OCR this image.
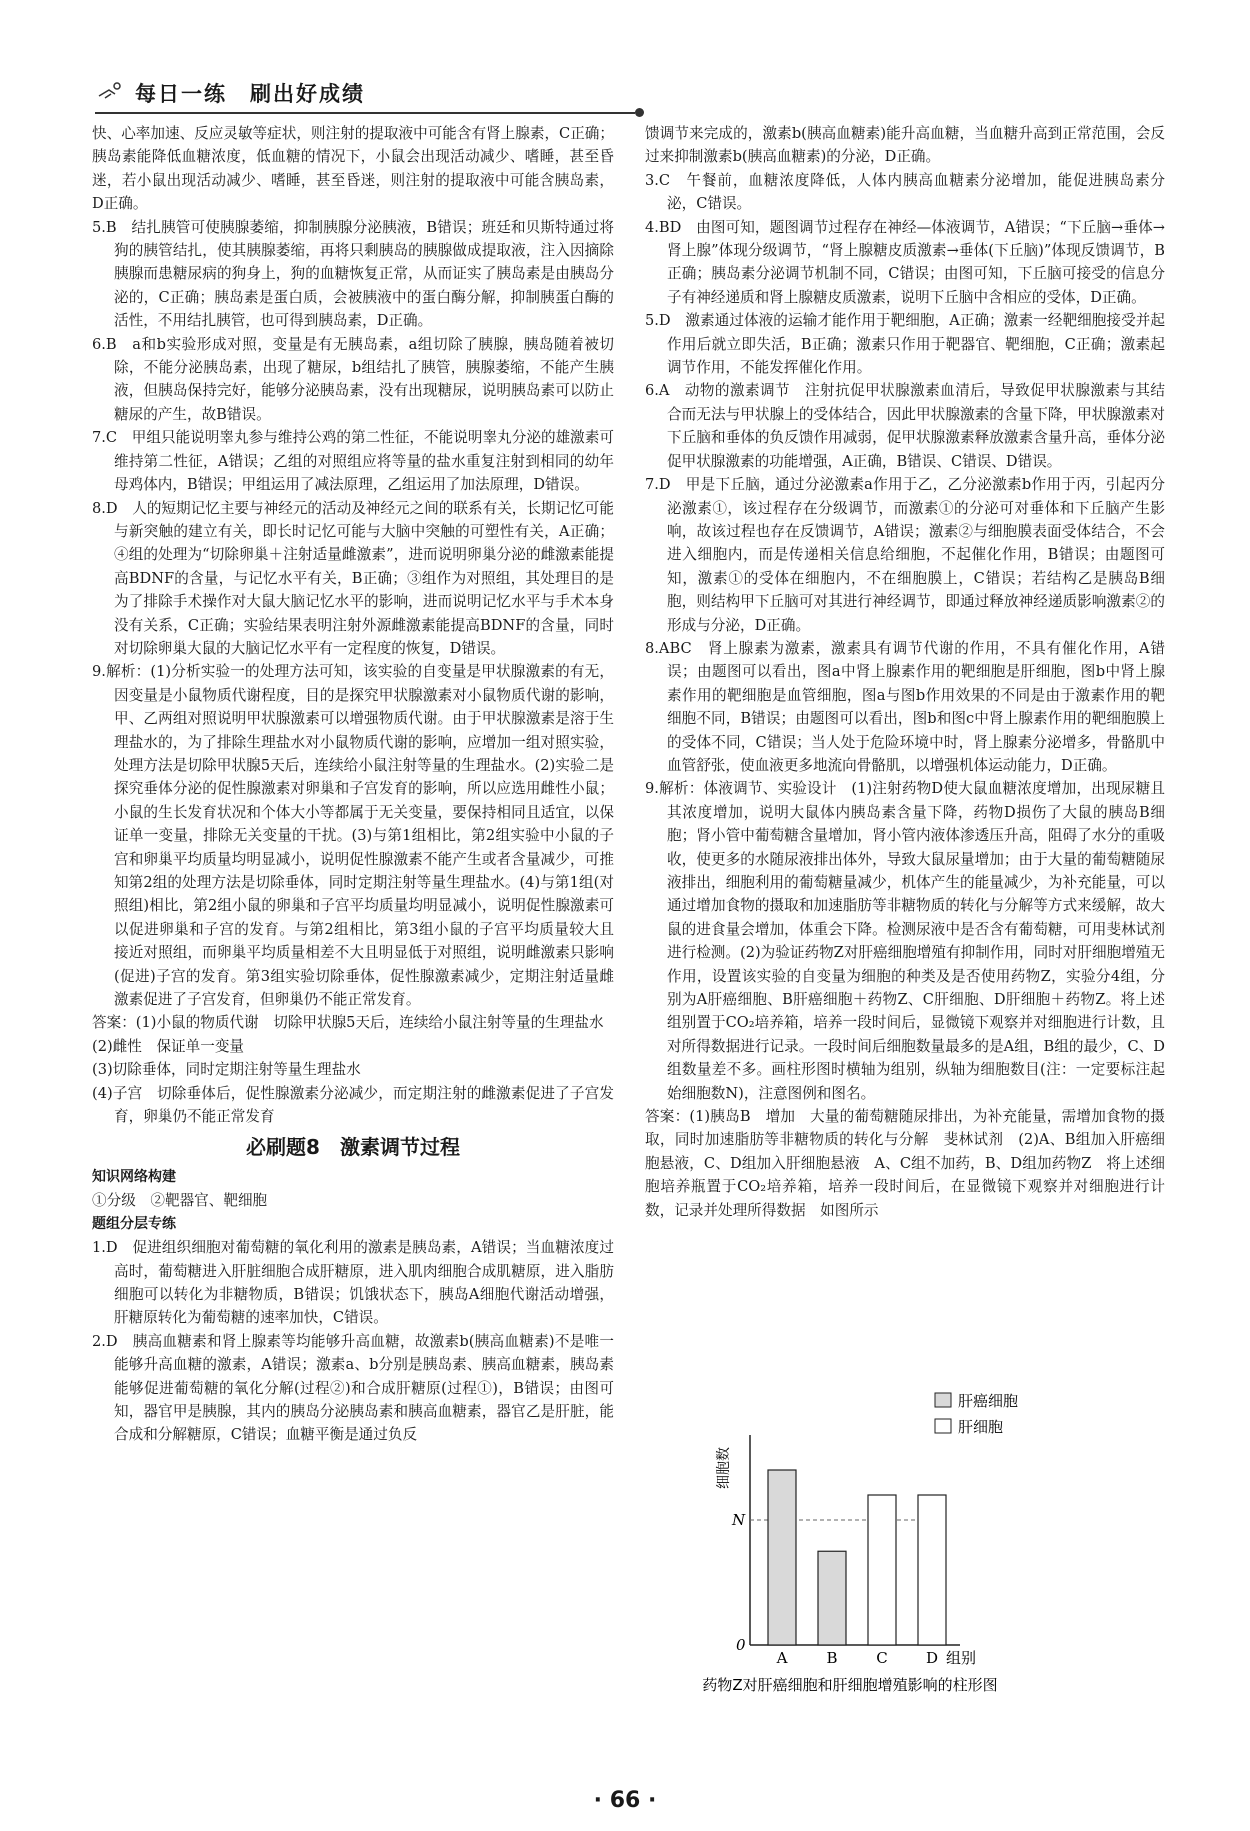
每日一练　刷出好成绩

快、心率加速、反应灵敏等症状，则注射的提取液中可能含有肾上腺素，C正确；胰岛素能降低血糖浓度，低血糖的情况下，小鼠会出现活动减少、嗜睡，甚至昏迷，若小鼠出现活动减少、嗜睡，甚至昏迷，则注射的提取液中可能含胰岛素，D正确。

5.B　结扎胰管可使胰腺萎缩，抑制胰腺分泌胰液，B错误；班廷和贝斯特通过将狗的胰管结扎，使其胰腺萎缩，再将只剩胰岛的胰腺做成提取液，注入因摘除胰腺而患糖尿病的狗身上，狗的血糖恢复正常，从而证实了胰岛素是由胰岛分泌的，C正确；胰岛素是蛋白质，会被胰液中的蛋白酶分解，抑制胰蛋白酶的活性，不用结扎胰管，也可得到胰岛素，D正确。

6.B　a和b实验形成对照，变量是有无胰岛素，a组切除了胰腺，胰岛随着被切除，不能分泌胰岛素，出现了糖尿，b组结扎了胰管，胰腺萎缩，不能产生胰液，但胰岛保持完好，能够分泌胰岛素，没有出现糖尿，说明胰岛素可以防止糖尿的产生，故B错误。

7.C　甲组只能说明睾丸参与维持公鸡的第二性征，不能说明睾丸分泌的雄激素可维持第二性征，A错误；乙组的对照组应将等量的盐水重复注射到相同的幼年母鸡体内，B错误；甲组运用了减法原理，乙组运用了加法原理，D错误。

8.D　人的短期记忆主要与神经元的活动及神经元之间的联系有关，长期记忆可能与新突触的建立有关，即长时记忆可能与大脑中突触的可塑性有关，A正确；④组的处理为“切除卵巢＋注射适量雌激素”，进而说明卵巢分泌的雌激素能提高BDNF的含量，与记忆水平有关，B正确；③组作为对照组，其处理目的是为了排除手术操作对大鼠大脑记忆水平的影响，进而说明记忆水平与手术本身没有关系，C正确；实验结果表明注射外源雌激素能提高BDNF的含量，同时对切除卵巢大鼠的大脑记忆水平有一定程度的恢复，D错误。

9.解析：(1)分析实验一的处理方法可知，该实验的自变量是甲状腺激素的有无，因变量是小鼠物质代谢程度，目的是探究甲状腺激素对小鼠物质代谢的影响，甲、乙两组对照说明甲状腺激素可以增强物质代谢。由于甲状腺激素是溶于生理盐水的，为了排除生理盐水对小鼠物质代谢的影响，应增加一组对照实验，处理方法是切除甲状腺5天后，连续给小鼠注射等量的生理盐水。(2)实验二是探究垂体分泌的促性腺激素对卵巢和子宫发育的影响，所以应选用雌性小鼠；小鼠的生长发育状况和个体大小等都属于无关变量，要保持相同且适宜，以保证单一变量，排除无关变量的干扰。(3)与第1组相比，第2组实验中小鼠的子宫和卵巢平均质量均明显减小，说明促性腺激素不能产生或者含量减少，可推知第2组的处理方法是切除垂体，同时定期注射等量生理盐水。(4)与第1组(对照组)相比，第2组小鼠的卵巢和子宫平均质量均明显减小，说明促性腺激素可以促进卵巢和子宫的发育。与第2组相比，第3组小鼠的子宫平均质量较大且接近对照组，而卵巢平均质量相差不大且明显低于对照组，说明雌激素只影响(促进)子宫的发育。第3组实验切除垂体，促性腺激素减少，定期注射适量雌激素促进了子宫发育，但卵巢仍不能正常发育。

答案：(1)小鼠的物质代谢　切除甲状腺5天后，连续给小鼠注射等量的生理盐水

(2)雌性　保证单一变量

(3)切除垂体，同时定期注射等量生理盐水

(4)子宫　切除垂体后，促性腺激素分泌减少，而定期注射的雌激素促进了子宫发育，卵巢仍不能正常发育

必刷题8　激素调节过程
知识网络构建

①分级　②靶器官、靶细胞

题组分层专练

1.D　促进组织细胞对葡萄糖的氧化利用的激素是胰岛素，A错误；当血糖浓度过高时，葡萄糖进入肝脏细胞合成肝糖原，进入肌肉细胞合成肌糖原，进入脂肪细胞可以转化为非糖物质，B错误；饥饿状态下，胰岛A细胞代谢活动增强，肝糖原转化为葡萄糖的速率加快，C错误。

2.D　胰高血糖素和肾上腺素等均能够升高血糖，故激素b(胰高血糖素)不是唯一能够升高血糖的激素，A错误；激素a、b分别是胰岛素、胰高血糖素，胰岛素能够促进葡萄糖的氧化分解(过程②)和合成肝糖原(过程①)，B错误；由图可知，器官甲是胰腺，其内的胰岛分泌胰岛素和胰高血糖素，器官乙是肝脏，能合成和分解糖原，C错误；血糖平衡是通过负反

馈调节来完成的，激素b(胰高血糖素)能升高血糖，当血糖升高到正常范围，会反过来抑制激素b(胰高血糖素)的分泌，D正确。

3.C　午餐前，血糖浓度降低，人体内胰高血糖素分泌增加，能促进胰岛素分泌，C错误。

4.BD　由图可知，题图调节过程存在神经—体液调节，A错误；“下丘脑→垂体→肾上腺”体现分级调节，“肾上腺糖皮质激素→垂体(下丘脑)”体现反馈调节，B正确；胰岛素分泌调节机制不同，C错误；由图可知，下丘脑可接受的信息分子有神经递质和肾上腺糖皮质激素，说明下丘脑中含相应的受体，D正确。

5.D　激素通过体液的运输才能作用于靶细胞，A正确；激素一经靶细胞接受并起作用后就立即失活，B正确；激素只作用于靶器官、靶细胞，C正确；激素起调节作用，不能发挥催化作用。

6.A　动物的激素调节　注射抗促甲状腺激素血清后，导致促甲状腺激素与其结合而无法与甲状腺上的受体结合，因此甲状腺激素的含量下降，甲状腺激素对下丘脑和垂体的负反馈作用减弱，促甲状腺激素释放激素含量升高，垂体分泌促甲状腺激素的功能增强，A正确，B错误、C错误、D错误。

7.D　甲是下丘脑，通过分泌激素a作用于乙，乙分泌激素b作用于丙，引起丙分泌激素①，该过程存在分级调节，而激素①的分泌可对垂体和下丘脑产生影响，故该过程也存在反馈调节，A错误；激素②与细胞膜表面受体结合，不会进入细胞内，而是传递相关信息给细胞，不起催化作用，B错误；由题图可知，激素①的受体在细胞内，不在细胞膜上，C错误；若结构乙是胰岛B细胞，则结构甲下丘脑可对其进行神经调节，即通过释放神经递质影响激素②的形成与分泌，D正确。

8.ABC　肾上腺素为激素，激素具有调节代谢的作用，不具有催化作用，A错误；由题图可以看出，图a中肾上腺素作用的靶细胞是肝细胞，图b中肾上腺素作用的靶细胞是血管细胞，图a与图b作用效果的不同是由于激素作用的靶细胞不同，B错误；由题图可以看出，图b和图c中肾上腺素作用的靶细胞膜上的受体不同，C错误；当人处于危险环境中时，肾上腺素分泌增多，骨骼肌中血管舒张，使血液更多地流向骨骼肌，以增强机体运动能力，D正确。

9.解析：体液调节、实验设计　(1)注射药物D使大鼠血糖浓度增加，出现尿糖且其浓度增加，说明大鼠体内胰岛素含量下降，药物D损伤了大鼠的胰岛B细胞；肾小管中葡萄糖含量增加，肾小管内液体渗透压升高，阻碍了水分的重吸收，使更多的水随尿液排出体外，导致大鼠尿量增加；由于大量的葡萄糖随尿液排出，细胞利用的葡萄糖量减少，机体产生的能量减少，为补充能量，可以通过增加食物的摄取和加速脂肪等非糖物质的转化与分解等方式来缓解，故大鼠的进食量会增加，体重会下降。检测尿液中是否含有葡萄糖，可用斐林试剂进行检测。(2)为验证药物Z对肝癌细胞增殖有抑制作用，同时对肝细胞增殖无作用，设置该实验的自变量为细胞的种类及是否使用药物Z，实验分4组，分别为A肝癌细胞、B肝癌细胞＋药物Z、C肝细胞、D肝细胞＋药物Z。将上述组别置于CO₂培养箱，培养一段时间后，显微镜下观察并对细胞进行计数，且对所得数据进行记录。一段时间后细胞数量最多的是A组，B组的最少，C、D组数量差不多。画柱形图时横轴为组别，纵轴为细胞数目(注：一定要标注起始细胞数N)，注意图例和图名。

答案：(1)胰岛B　增加　大量的葡萄糖随尿排出，为补充能量，需增加食物的摄取，同时加速脂肪等非糖物质的转化与分解　斐林试剂　(2)A、B组加入肝癌细胞悬液，C、D组加入肝细胞悬液　A、C组不加药，B、D组加药物Z　将上述细胞培养瓶置于CO₂培养箱，培养一段时间后，在显微镜下观察并对细胞进行计数，记录并处理所得数据　如图所示

0
N
细胞数
组别
A	B	C	D
肝癌细胞
肝细胞
药物Z对肝癌细胞和肝细胞增殖影响的柱形图
· 66 ·
